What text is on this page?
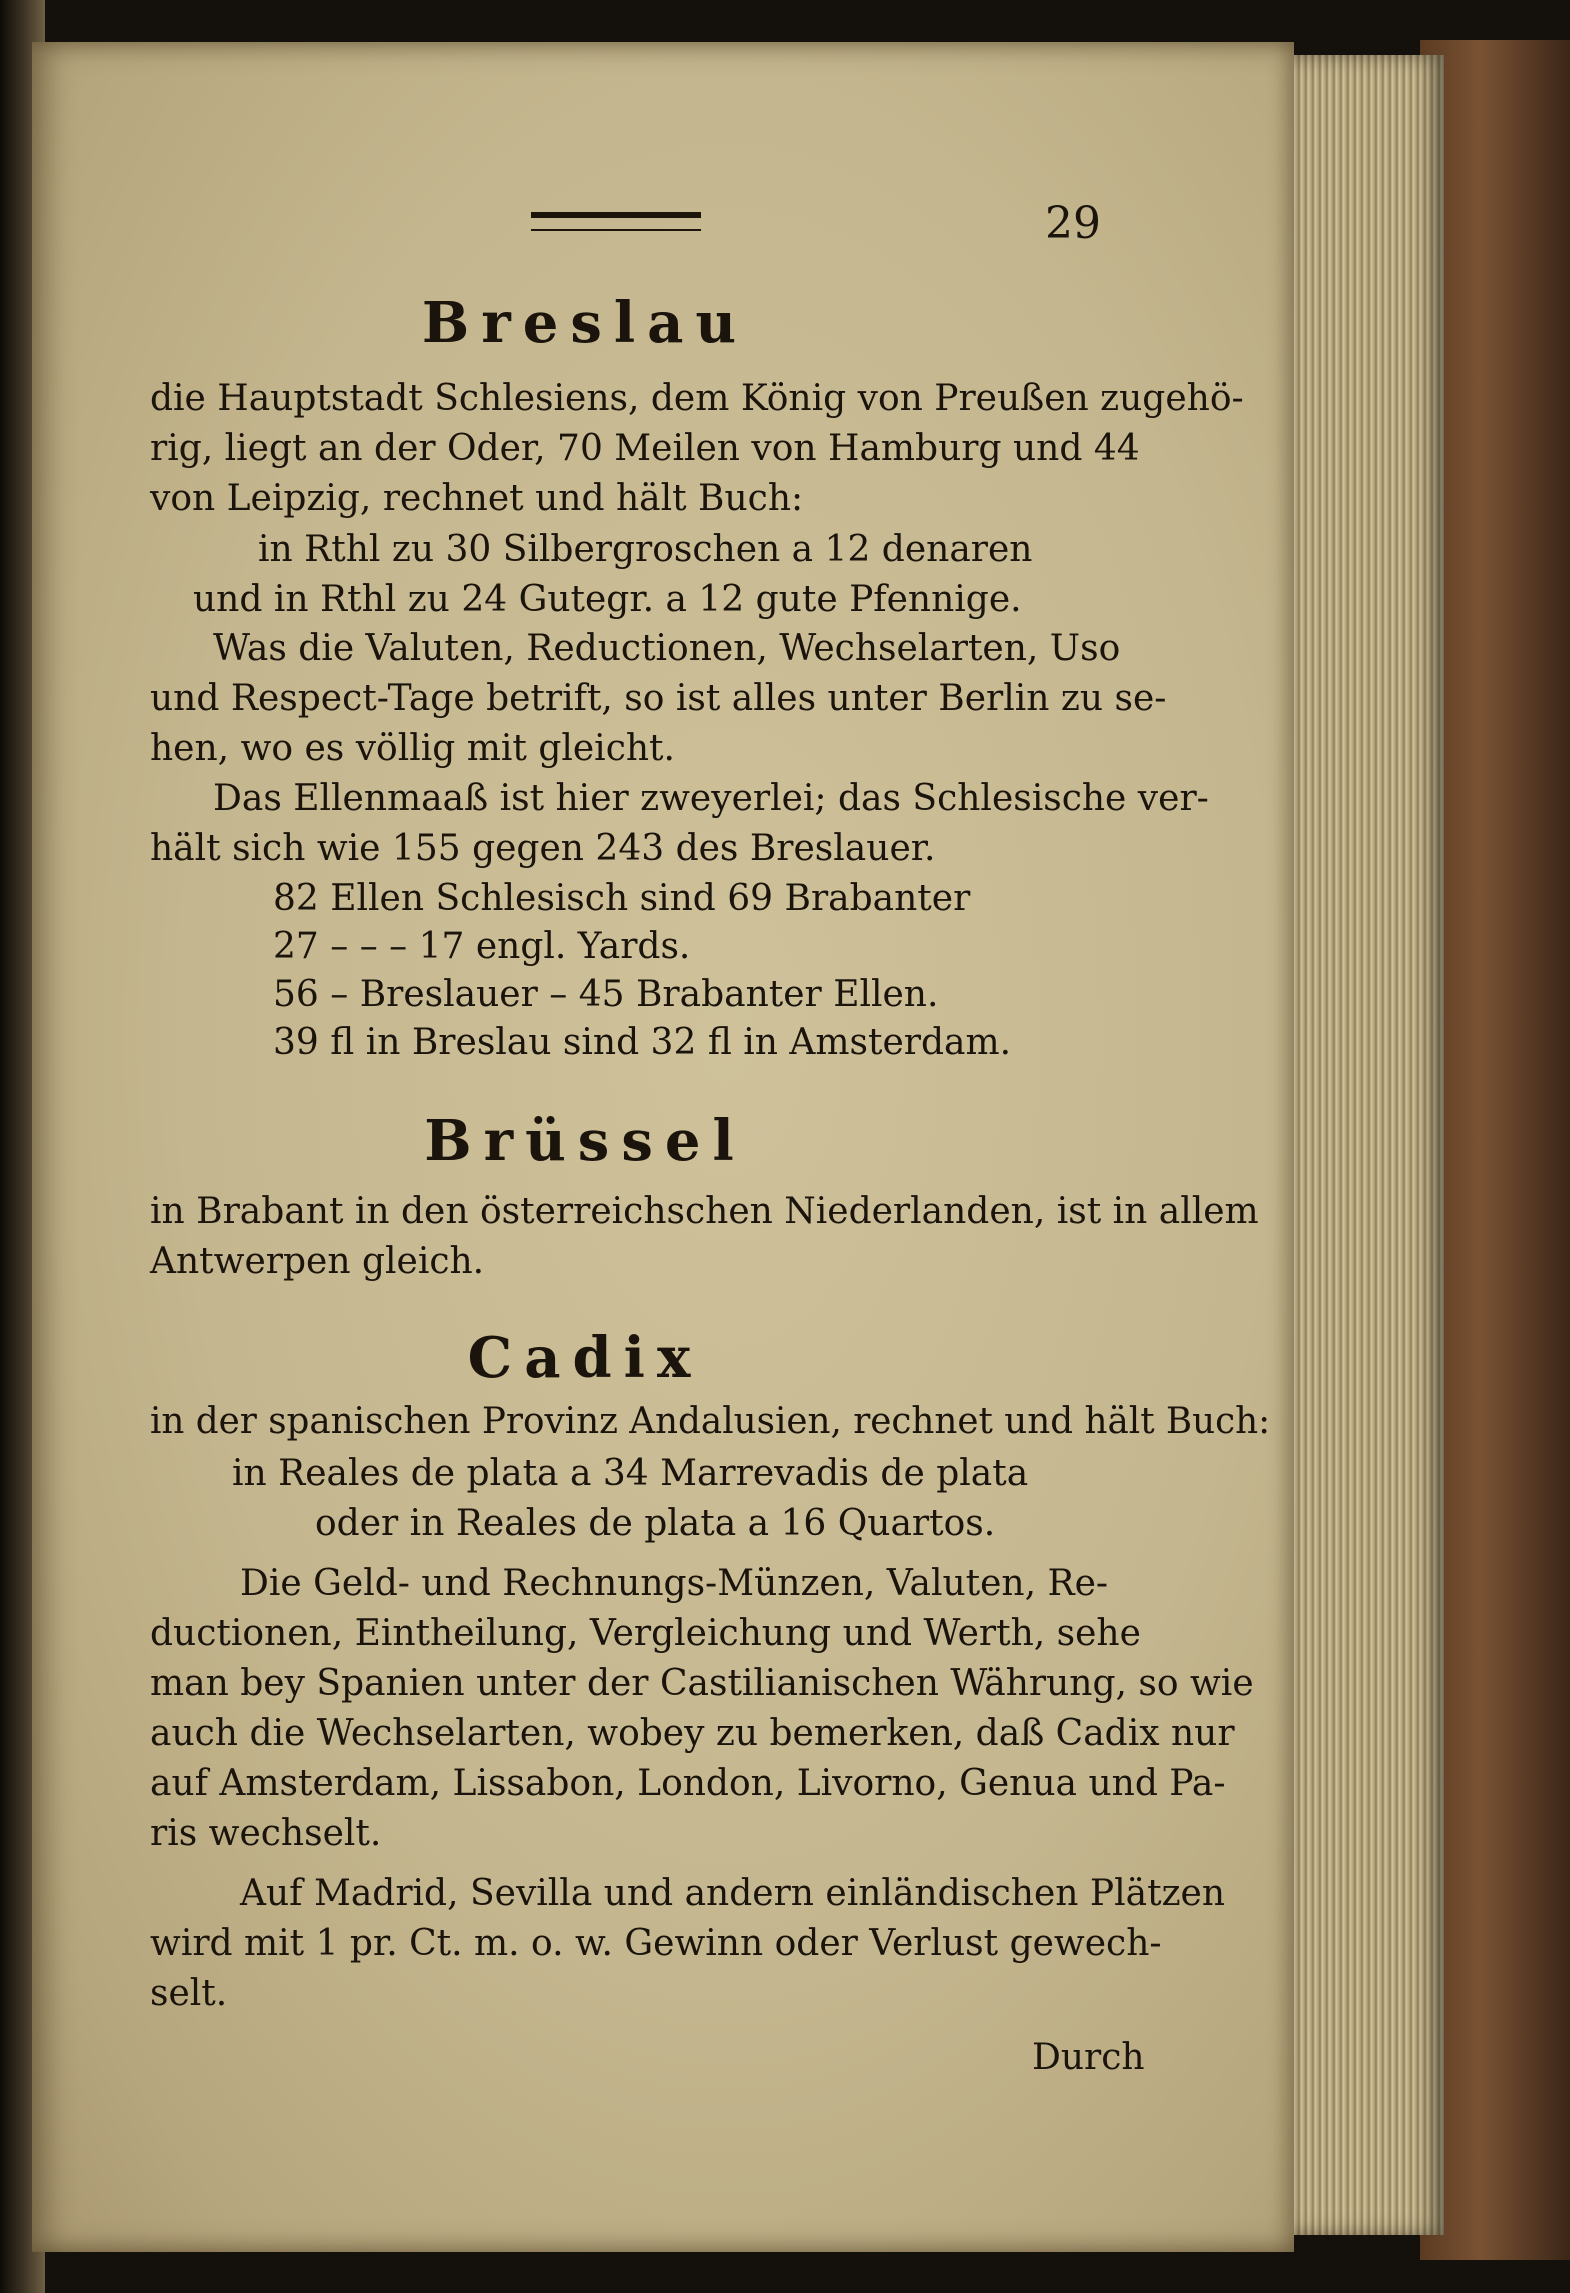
29
Breslau
die Hauptstadt Schlesiens, dem König von Preußen zugehö-
rig, liegt an der Oder, 70 Meilen von Hamburg und 44
von Leipzig, rechnet und hält Buch:
in Rthl zu 30 Silbergroschen a 12 denaren
und in Rthl zu 24 Gutegr. a 12 gute Pfennige.
Was die Valuten, Reductionen, Wechselarten, Uso
und Respect-Tage betrift, so ist alles unter Berlin zu se-
hen, wo es völlig mit gleicht.
Das Ellenmaaß ist hier zweyerlei; das Schlesische ver-
hält sich wie 155 gegen 243 des Breslauer.
82 Ellen Schlesisch sind 69 Brabanter
27 – – – 17 engl. Yards.
56 – Breslauer – 45 Brabanter Ellen.
39 fl in Breslau sind 32 fl in Amsterdam.
Brüssel
in Brabant in den österreichschen Niederlanden, ist in allem
Antwerpen gleich.
Cadix
in der spanischen Provinz Andalusien, rechnet und hält Buch:
in Reales de plata a 34 Marrevadis de plata
oder in Reales de plata a 16 Quartos.
Die Geld- und Rechnungs-Münzen, Valuten, Re-
ductionen, Eintheilung, Vergleichung und Werth, sehe
man bey Spanien unter der Castilianischen Währung, so wie
auch die Wechselarten, wobey zu bemerken, daß Cadix nur
auf Amsterdam, Lissabon, London, Livorno, Genua und Pa-
ris wechselt.
Auf Madrid, Sevilla und andern einländischen Plätzen
wird mit 1 pr. Ct. m. o. w. Gewinn oder Verlust gewech-
selt.
Durch
